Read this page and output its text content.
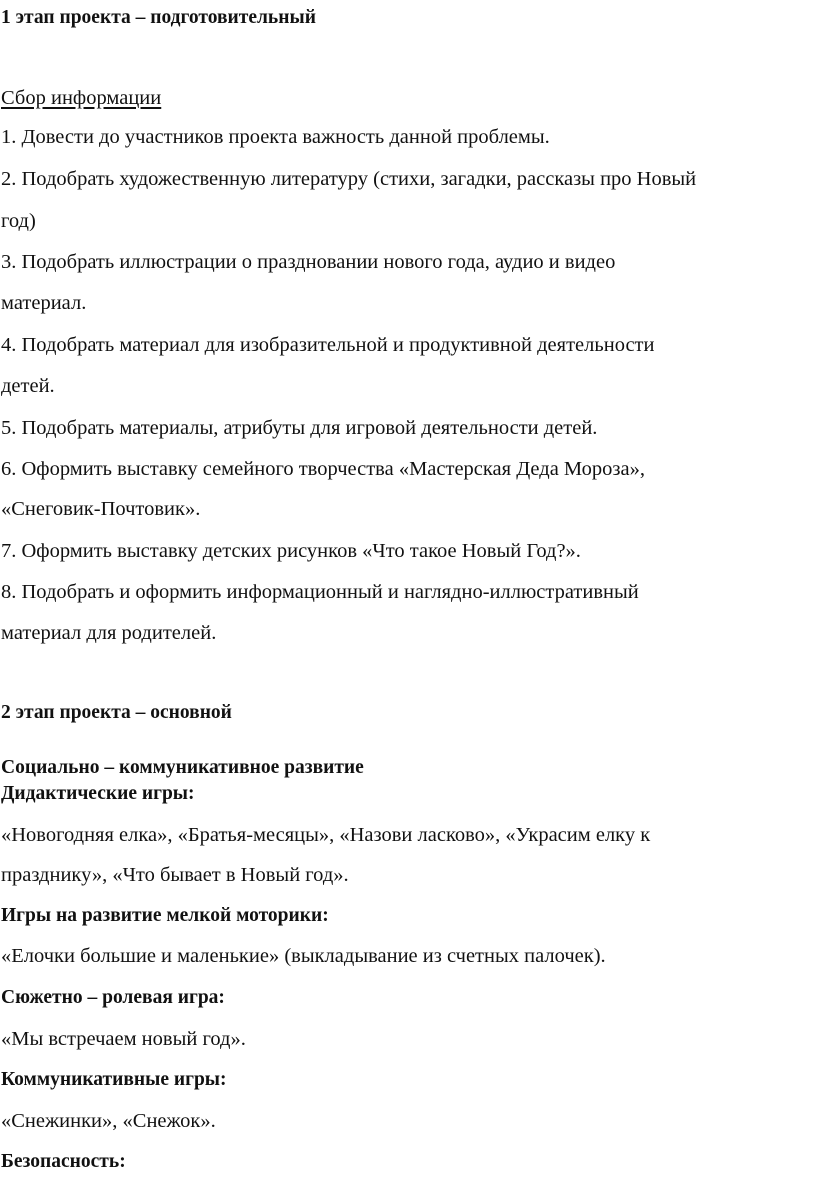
1 этап проекта – подготовительный
Сбор информации
1. Довести до участников проекта важность данной проблемы.
2. Подобрать художественную литературу (стихи, загадки, рассказы про Новый
год)
3. Подобрать иллюстрации о праздновании нового года, аудио и видео
материал.
4. Подобрать материал для изобразительной и продуктивной деятельности
детей.
5. Подобрать материалы, атрибуты для игровой деятельности детей.
6. Оформить выставку семейного творчества «Мастерская Деда Мороза»,
«Снеговик-Почтовик».
7. Оформить выставку детских рисунков «Что такое Новый Год?».
8. Подобрать и оформить информационный и наглядно-иллюстративный
материал для родителей.
2 этап проекта – основной
Социально – коммуникативное развитие
Дидактические игры:
«Новогодняя елка», «Братья-месяцы», «Назови ласково», «Украсим елку к
празднику», «Что бывает в Новый год».
Игры на развитие мелкой моторики:
«Елочки большие и маленькие» (выкладывание из счетных палочек).
Сюжетно – ролевая игра:
«Мы встречаем новый год».
Коммуникативные игры:
«Снежинки», «Снежок».
Безопасность:
